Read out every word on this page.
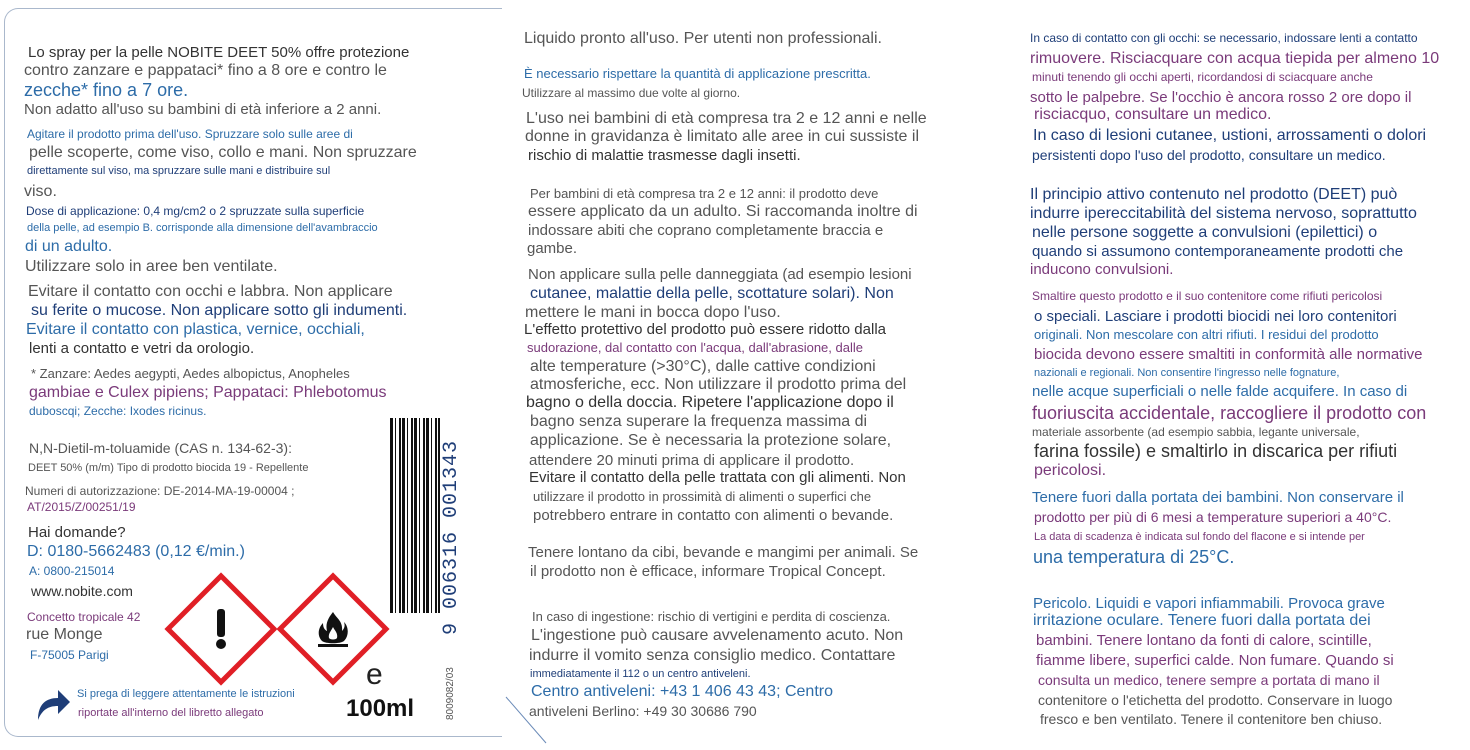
Lo spray per la pelle NOBITE DEET 50% offre protezione
contro zanzare e pappataci* fino a 8 ore e contro le
zecche* fino a 7 ore.
Non adatto all'uso su bambini di età inferiore a 2 anni.
Agitare il prodotto prima dell'uso. Spruzzare solo sulle aree di
pelle scoperte, come viso, collo e mani. Non spruzzare
direttamente sul viso, ma spruzzare sulle mani e distribuire sul
viso.
Dose di applicazione: 0,4 mg/cm2 o 2 spruzzate sulla superficie
della pelle, ad esempio B. corrisponde alla dimensione dell'avambraccio
di un adulto.
Utilizzare solo in aree ben ventilate.
Evitare il contatto con occhi e labbra. Non applicare
su ferite o mucose. Non applicare sotto gli indumenti.
Evitare il contatto con plastica, vernice, occhiali,
lenti a contatto e vetri da orologio.
* Zanzare: Aedes aegypti, Aedes albopictus, Anopheles
gambiae e Culex pipiens; Pappataci: Phlebotomus
duboscqi; Zecche: Ixodes ricinus.
N,N-Dietil-m-toluamide (CAS n. 134-62-3):
DEET 50% (m/m) Tipo di prodotto biocida 19 - Repellente
Numeri di autorizzazione: DE-2014-MA-19-00004 ;
AT/2015/Z/00251/19
Hai domande?
D: 0180-5662483 (0,12 €/min.)
A: 0800-215014
www.nobite.com
Concetto tropicale 42
rue Monge
F-75005 Parigi
Si prega di leggere attentamente le istruzioni
riportate all'interno del libretto allegato
9 006316 001343
8009082/03
e
100ml
Liquido pronto all'uso. Per utenti non professionali.
È necessario rispettare la quantità di applicazione prescritta.
Utilizzare al massimo due volte al giorno.
L'uso nei bambini di età compresa tra 2 e 12 anni e nelle
donne in gravidanza è limitato alle aree in cui sussiste il
rischio di malattie trasmesse dagli insetti.
Per bambini di età compresa tra 2 e 12 anni: il prodotto deve
essere applicato da un adulto. Si raccomanda inoltre di
indossare abiti che coprano completamente braccia e
gambe.
Non applicare sulla pelle danneggiata (ad esempio lesioni
cutanee, malattie della pelle, scottature solari). Non
mettere le mani in bocca dopo l'uso.
L'effetto protettivo del prodotto può essere ridotto dalla
sudorazione, dal contatto con l'acqua, dall'abrasione, dalle
alte temperature (>30°C), dalle cattive condizioni
atmosferiche, ecc. Non utilizzare il prodotto prima del
bagno o della doccia. Ripetere l'applicazione dopo il
bagno senza superare la frequenza massima di
applicazione. Se è necessaria la protezione solare,
attendere 20 minuti prima di applicare il prodotto.
Evitare il contatto della pelle trattata con gli alimenti. Non
utilizzare il prodotto in prossimità di alimenti o superfici che
potrebbero entrare in contatto con alimenti o bevande.
Tenere lontano da cibi, bevande e mangimi per animali. Se
il prodotto non è efficace, informare Tropical Concept.
In caso di ingestione: rischio di vertigini e perdita di coscienza.
L'ingestione può causare avvelenamento acuto. Non
indurre il vomito senza consiglio medico. Contattare
immediatamente il 112 o un centro antiveleni.
Centro antiveleni: +43 1 406 43 43; Centro
antiveleni Berlino: +49 30 30686 790
In caso di contatto con gli occhi: se necessario, indossare lenti a contatto
rimuovere. Risciacquare con acqua tiepida per almeno 10
minuti tenendo gli occhi aperti, ricordandosi di sciacquare anche
sotto le palpebre. Se l'occhio è ancora rosso 2 ore dopo il
risciacquo, consultare un medico.
In caso di lesioni cutanee, ustioni, arrossamenti o dolori
persistenti dopo l'uso del prodotto, consultare un medico.
Il principio attivo contenuto nel prodotto (DEET) può
indurre ipereccitabilità del sistema nervoso, soprattutto
nelle persone soggette a convulsioni (epilettici) o
quando si assumono contemporaneamente prodotti che
inducono convulsioni.
Smaltire questo prodotto e il suo contenitore come rifiuti pericolosi
o speciali. Lasciare i prodotti biocidi nei loro contenitori
originali. Non mescolare con altri rifiuti. I residui del prodotto
biocida devono essere smaltiti in conformità alle normative
nazionali e regionali. Non consentire l'ingresso nelle fognature,
nelle acque superficiali o nelle falde acquifere. In caso di
fuoriuscita accidentale, raccogliere il prodotto con
materiale assorbente (ad esempio sabbia, legante universale,
farina fossile) e smaltirlo in discarica per rifiuti
pericolosi.
Tenere fuori dalla portata dei bambini. Non conservare il
prodotto per più di 6 mesi a temperature superiori a 40°C.
La data di scadenza è indicata sul fondo del flacone e si intende per
una temperatura di 25°C.
Pericolo. Liquidi e vapori infiammabili. Provoca grave
irritazione oculare. Tenere fuori dalla portata dei
bambini. Tenere lontano da fonti di calore, scintille,
fiamme libere, superfici calde. Non fumare. Quando si
consulta un medico, tenere sempre a portata di mano il
contenitore o l'etichetta del prodotto. Conservare in luogo
fresco e ben ventilato. Tenere il contenitore ben chiuso.
